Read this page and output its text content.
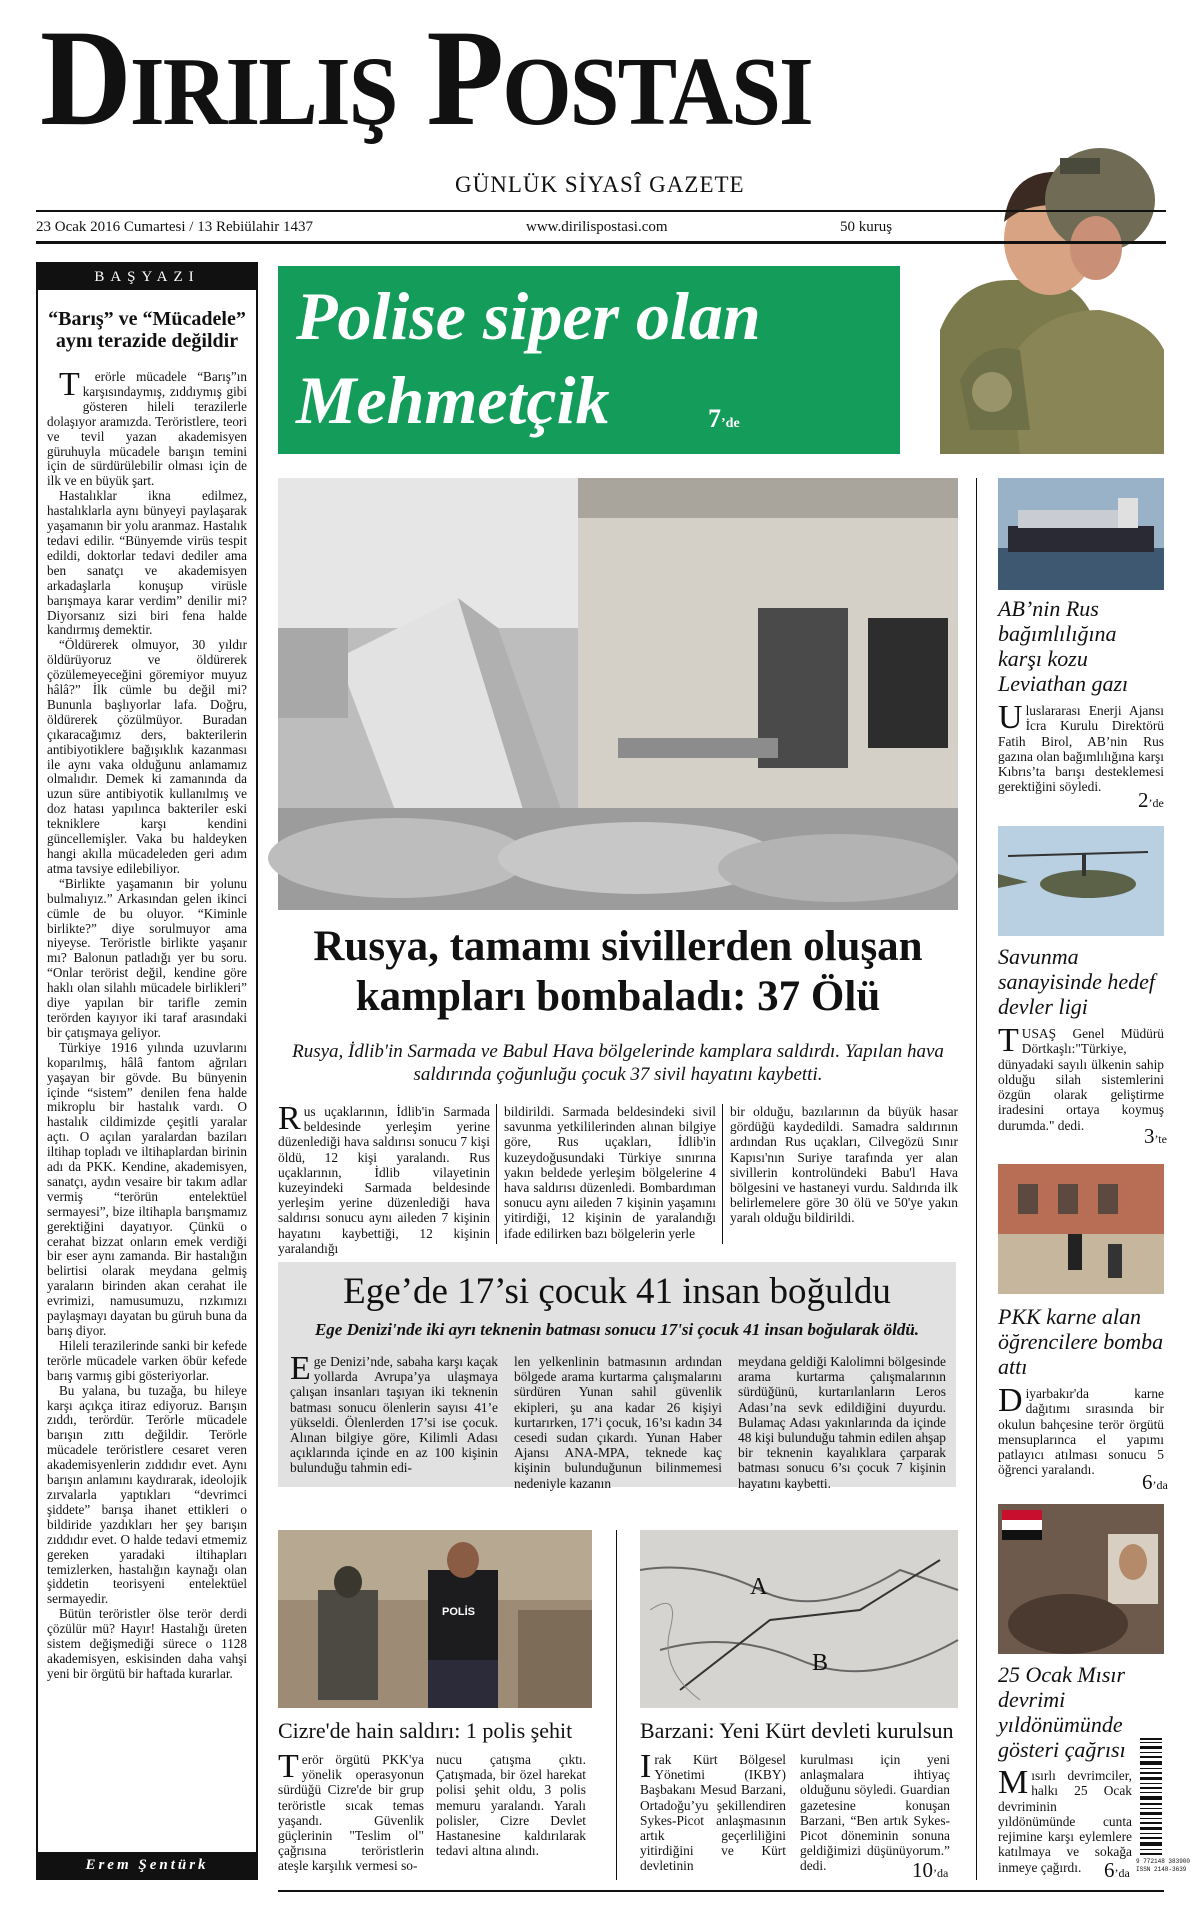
Diriliş Postası
GÜNLÜK SİYASÎ GAZETE
23 Ocak 2016 Cumartesi / 13 Rebiülahir 1437	www.dirilispostasi.com	50 kuruş
BAŞYAZI
“Barış” ve “Mücadele” aynı terazide değildir

Terörle mücadele “Barış”ın karşısındaymış, zıddıymış gibi gösteren hileli terazilerle dolaşıyor aramızda. Teröristlere, teori ve tevil yazan akademisyen güruhuyla mücadele barışın temini için de sürdürülebilir olması için de ilk ve en büyük şart.

Hastalıklar ikna edilmez, hastalıklarla aynı bünyeyi paylaşarak yaşamanın bir yolu aranmaz. Hastalık tedavi edilir. “Bünyemde virüs tespit edildi, doktorlar tedavi dediler ama ben sanatçı ve akademisyen arkadaşlarla konuşup virüsle barışmaya karar verdim” denilir mi? Diyorsanız sizi biri fena halde kandırmış demektir.

“Öldürerek olmuyor, 30 yıldır öldürüyoruz ve öldürerek çözülemeyeceğini göremiyor muyuz hâlâ?” İlk cümle bu değil mi? Bununla başlıyorlar lafa. Doğru, öldürerek çözülmüyor. Buradan çıkaracağımız ders, bakterilerin antibiyotiklere bağışıklık kazanması ile aynı vaka olduğunu anlamamız olmalıdır. Demek ki zamanında da uzun süre antibiyotik kullanılmış ve doz hatası yapılınca bakteriler eski tekniklere karşı kendini güncellemişler. Vaka bu haldeyken hangi akılla mücadeleden geri adım atma tavsiye edilebiliyor.

“Birlikte yaşamanın bir yolunu bulmalıyız.” Arkasından gelen ikinci cümle de bu oluyor. “Kiminle birlikte?” diye sorulmuyor ama niyeyse. Teröristle birlikte yaşanır mı? Balonun patladığı yer bu soru. “Onlar terörist değil, kendine göre haklı olan silahlı mücadele birlikleri” diye yapılan bir tarifle zemin terörden kayıyor iki taraf arasındaki bir çatışmaya geliyor.

Türkiye 1916 yılında uzuvlarını koparılmış, hâlâ fantom ağrıları yaşayan bir gövde. Bu bünyenin içinde “sistem” denilen fena halde mikroplu bir hastalık vardı. O hastalık cildimizde çeşitli yaralar açtı. O açılan yaralardan baziları iltihap topladı ve iltihaplardan birinin adı da PKK. Kendine, akademisyen, sanatçı, aydın vesaire bir takım adlar vermiş “terörün entelektüel sermayesi”, bize iltihapla barışmamız gerektiğini dayatıyor. Çünkü o cerahat bizzat onların emek verdiği bir eser aynı zamanda. Bir hastalığın belirtisi olarak meydana gelmiş yaraların birinden akan cerahat ile evrimizi, namusumuzu, rızkımızı paylaşmayı dayatan bu güruh buna da barış diyor.

Hileli terazilerinde sanki bir kefede terörle mücadele varken öbür kefede barış varmış gibi gösteriyorlar.

Bu yalana, bu tuzağa, bu hileye karşı açıkça itiraz ediyoruz. Barışın zıddı, terördür. Terörle mücadele barışın zıttı değildir. Terörle mücadele teröristlere cesaret veren akademisyenlerin zıddıdır evet. Aynı barışın anlamını kaydırarak, ideolojik zırvalarla yaptıkları “devrimci şiddete” barışa ihanet ettikleri o bildiride yazdıkları her şey barışın zıddıdır evet. O halde tedavi etmemiz gereken yaradaki iltihapları temizlerken, hastalığın kaynağı olan şiddetin teorisyeni entelektüel sermayedir.

Bütün teröristler ölse terör derdi çözülür mü? Hayır! Hastalığı üreten sistem değişmediği sürece o 1128 akademisyen, eskisinden daha vahşi yeni bir örgütü bir haftada kurarlar.

Erem Şentürk
Polise siper olan
Mehmetçik	7’de
Rusya, tamamı sivillerden oluşan
kampları bombaladı: 37 Ölü
Rusya, İdlib'in Sarmada ve Babul Hava bölgelerinde kamplara saldırdı. Yapılan hava saldırında çoğunluğu çocuk 37 sivil hayatını kaybetti.
Rus uçaklarının, İdlib'in Sarmada beldesinde yerleşim yerine düzenlediği hava saldırısı sonucu 7 kişi öldü, 12 kişi yaralandı. Rus uçaklarının, İdlib vilayetinin kuzeyindeki Sarmada beldesinde yerleşim yerine düzenlediği hava saldırısı sonucu aynı aileden 7 kişinin hayatını kaybettiği, 12 kişinin yaralandığı
bildirildi. Sarmada beldesindeki sivil savunma yetkililerinden alınan bilgiye göre, Rus uçakları, İdlib'in kuzeydoğusundaki Türkiye sınırına yakın beldede yerleşim bölgelerine 4 hava saldırısı düzenledi. Bombardıman sonucu aynı aileden 7 kişinin yaşamını yitirdiği, 12 kişinin de yaralandığı ifade edilirken bazı bölgelerin yerle
bir olduğu, bazılarının da büyük hasar gördüğü kaydedildi. Samadra saldırının ardından Rus uçakları, Cilvegözü Sınır Kapısı'nın Suriye tarafında yer alan sivillerin kontrolündeki Babu'l Hava bölgesini ve hastaneyi vurdu. Saldırıda ilk belirlemelere göre 30 ölü ve 50'ye yakın yaralı olduğu bildirildi.
Ege’de 17’si çocuk 41 insan boğuldu
Ege Denizi'nde iki ayrı teknenin batması sonucu 17'si çocuk 41 insan boğularak öldü.
Ege Denizi’nde, sabaha karşı kaçak yollarda Avrupa’ya ulaşmaya çalışan insanları taşıyan iki teknenin batması sonucu ölenlerin sayısı 41’e yükseldi. Ölenlerden 17’si ise çocuk. Alınan bilgiye göre, Kilimli Adası açıklarında içinde en az 100 kişinin bulunduğu tahmin edi-
len yelkenlinin batmasının ardından bölgede arama kurtarma çalışmalarını sürdüren Yunan sahil güvenlik ekipleri, şu ana kadar 26 kişiyi kurtarırken, 17’i çocuk, 16’sı kadın 34 cesedi sudan çıkardı. Yunan Haber Ajansı ANA-MPA, teknede kaç kişinin bulunduğunun bilinmemesi nedeniyle kazanın
meydana geldiği Kalolimni bölgesinde arama kurtarma çalışmalarının sürdüğünü, kurtarılanların Leros Adası’na sevk edildiğini duyurdu. Bulamaç Adası yakınlarında da içinde 48 kişi bulunduğu tahmin edilen ahşap bir teknenin kayalıklara çarparak batması sonucu 6’sı çocuk 7 kişinin hayatını kaybetti.
POLİS
Cizre'de hain saldırı: 1 polis şehit
Terör örgütü PKK'ya yönelik operasyonun sürdüğü Cizre'de bir grup teröristle sıcak temas yaşandı. Güvenlik güçlerinin "Teslim ol" çağrısına teröristlerin ateşle karşılık vermesi so-
nucu çatışma çıktı. Çatışmada, bir özel harekat polisi şehit oldu, 3 polis memuru yaralandı. Yaralı polisler, Cizre Devlet Hastanesine kaldırılarak tedavi altına alındı.
A
B
Barzani: Yeni Kürt devleti kurulsun
Irak Kürt Bölgesel Yönetimi (IKBY) Başbakanı Mesud Barzani, Ortadoğu’yu şekillendiren Sykes-Picot anlaşmasının artık geçerliliğini yitirdiğini ve Kürt devletinin
kurulması için yeni anlaşmalara ihtiyaç olduğunu söyledi. Guardian gazetesine konuşan Barzani, “Ben artık Sykes-Picot döneminin sonuna geldiğimizi düşünüyorum.” dedi.	10’da
AB’nin Rus bağımlılığına karşı kozu Leviathan gazı
Uluslararası Enerji Ajansı İcra Kurulu Direktörü Fatih Birol, AB’nin Rus gazına olan bağımlılığına karşı Kıbrıs’ta barışı desteklemesi gerektiğini söyledi.
2’de
Savunma sanayisinde hedef devler ligi
TUSAŞ Genel Müdürü Dörtkaşlı:"Türkiye, dünyadaki sayılı ülkenin sahip olduğu silah sistemlerini özgün olarak geliştirme iradesini ortaya koymuş durumda." dedi.	3’te
PKK karne alan öğrencilere bomba attı
Diyarbakır'da karne dağıtımı sırasında bir okulun bahçesine terör örgütü mensuplarınca el yapımı patlayıcı atılması sonucu 5 öğrenci yaralandı.
6’da
25 Ocak Mısır devrimi yıldönümünde gösteri çağrısı
Mısırlı devrimciler, halkı 25 Ocak devriminin yıldönümünde cunta rejimine karşı eylemlere katılmaya ve sokağa inmeye çağırdı.	6’da
9 772148 383900
ISSN 2148-3639
